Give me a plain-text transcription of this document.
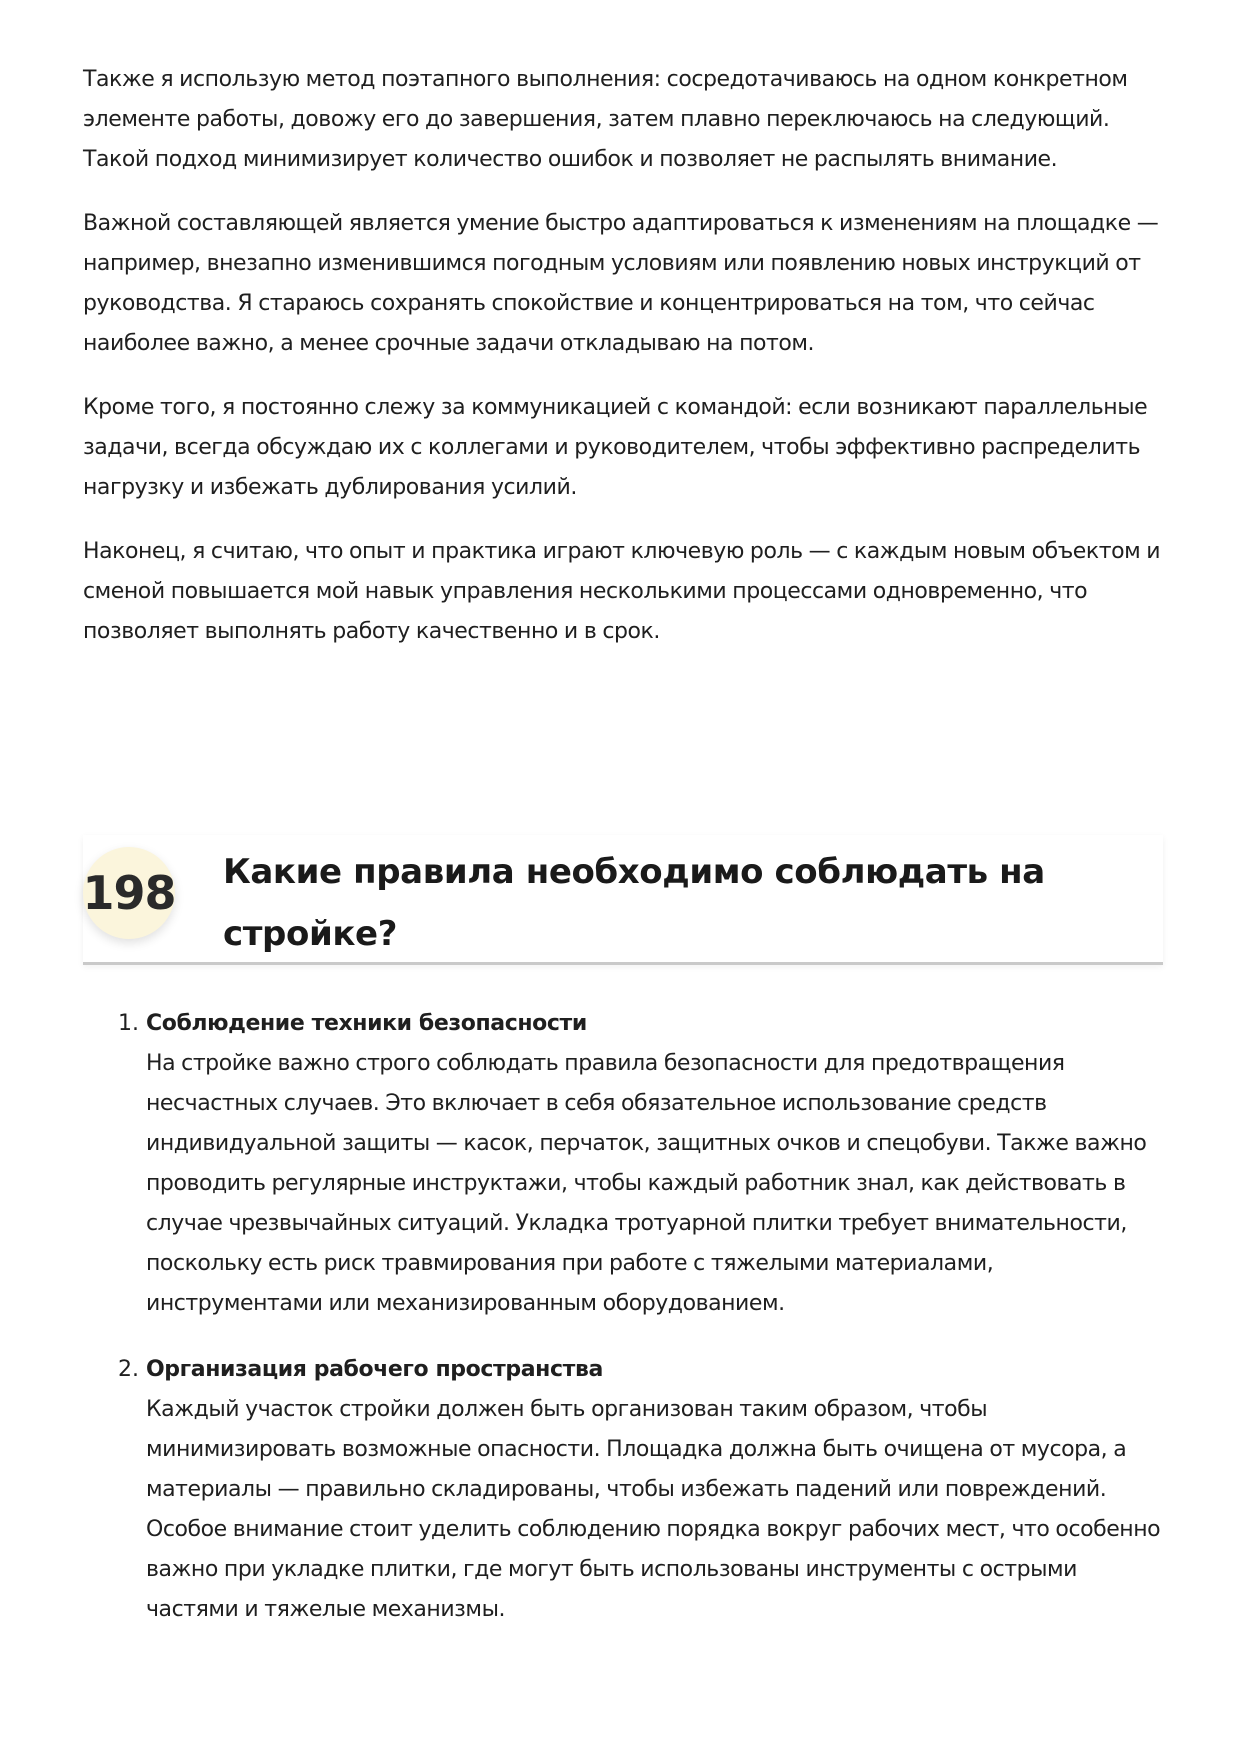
Также я использую метод поэтапного выполнения: сосредотачиваюсь на одном конкретном элементе работы, довожу его до завершения, затем плавно переключаюсь на следующий. Такой подход минимизирует количество ошибок и позволяет не распылять внимание.

Важной составляющей является умение быстро адаптироваться к изменениям на площадке — например, внезапно изменившимся погодным условиям или появлению новых инструкций от руководства. Я стараюсь сохранять спокойствие и концентрироваться на том, что сейчас наиболее важно, а менее срочные задачи откладываю на потом.

Кроме того, я постоянно слежу за коммуникацией с командой: если возникают параллельные задачи, всегда обсуждаю их с коллегами и руководителем, чтобы эффективно распределить нагрузку и избежать дублирования усилий.

Наконец, я считаю, что опыт и практика играют ключевую роль — с каждым новым объектом и сменой повышается мой навык управления несколькими процессами одновременно, что позволяет выполнять работу качественно и в срок.

198 Какие правила необходимо соблюдать на стройке?
1. Соблюдение техники безопасности
На стройке важно строго соблюдать правила безопасности для предотвращения несчастных случаев. Это включает в себя обязательное использование средств индивидуальной защиты — касок, перчаток, защитных очков и спецобуви. Также важно проводить регулярные инструктажи, чтобы каждый работник знал, как действовать в случае чрезвычайных ситуаций. Укладка тротуарной плитки требует внимательности, поскольку есть риск травмирования при работе с тяжелыми материалами, инструментами или механизированным оборудованием.
2. Организация рабочего пространства
Каждый участок стройки должен быть организован таким образом, чтобы минимизировать возможные опасности. Площадка должна быть очищена от мусора, а материалы — правильно складированы, чтобы избежать падений или повреждений. Особое внимание стоит уделить соблюдению порядка вокруг рабочих мест, что особенно важно при укладке плитки, где могут быть использованы инструменты с острыми частями и тяжелые механизмы.
